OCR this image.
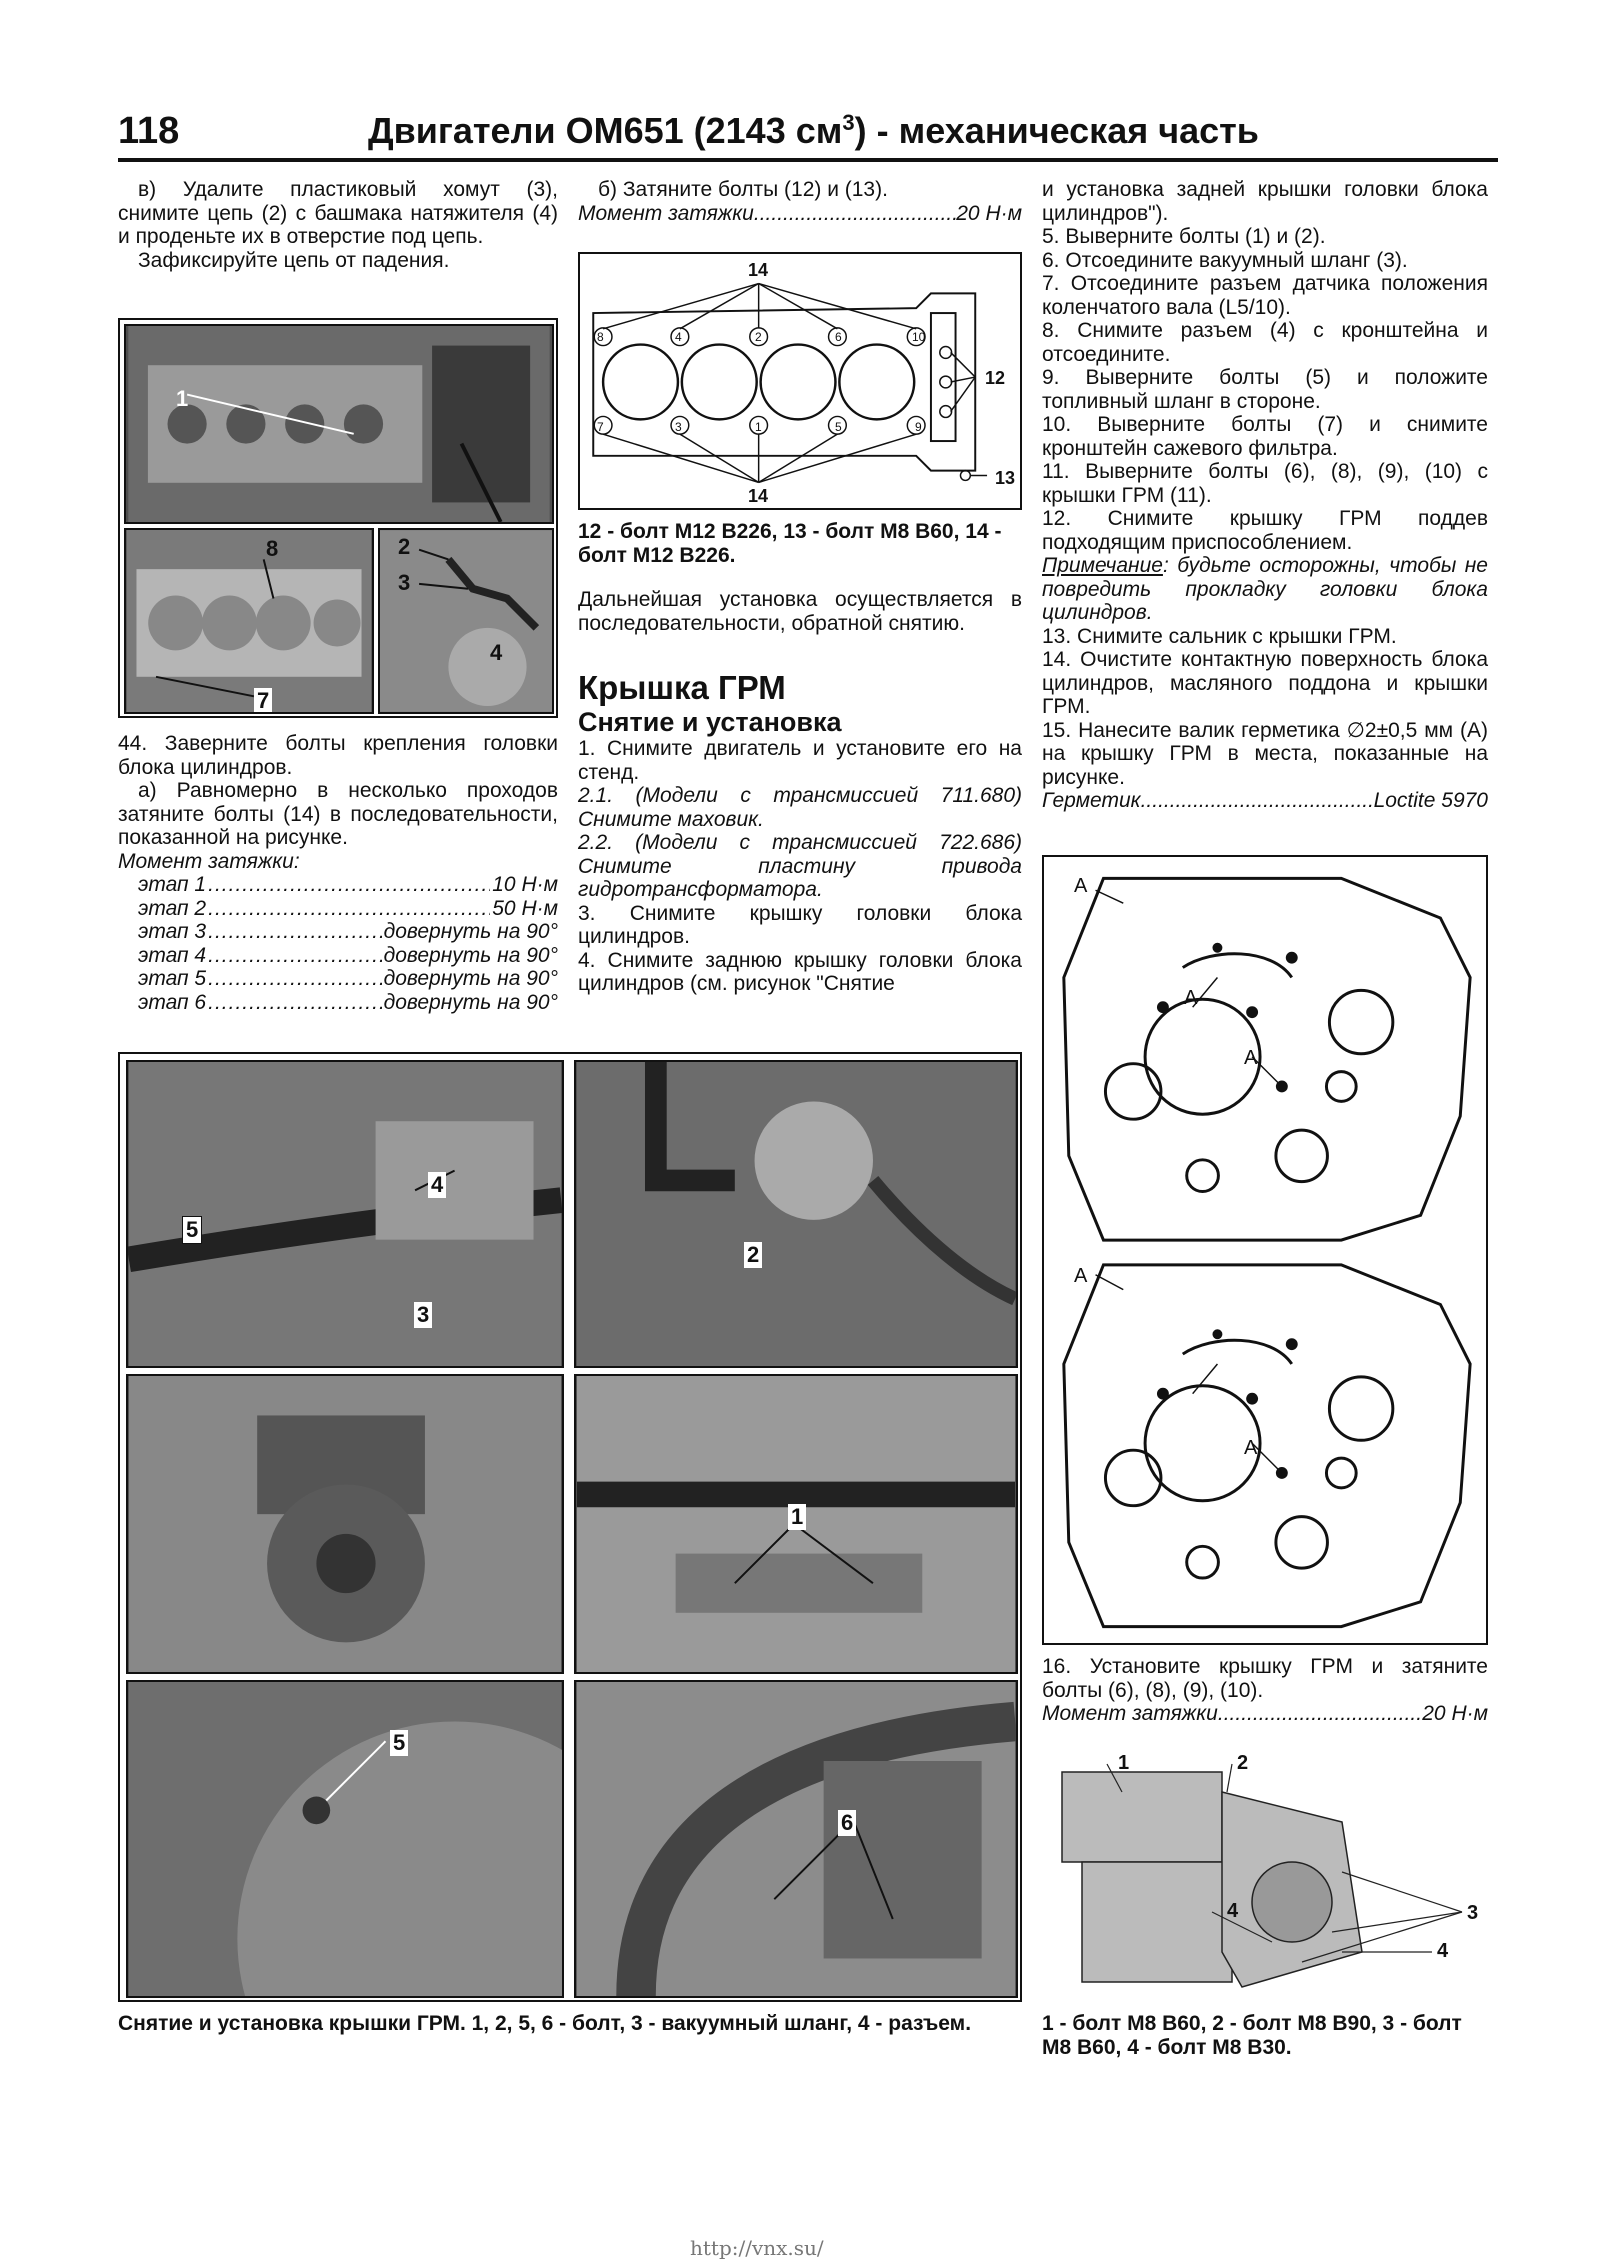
118	Двигатели OM651 (2143 $см^3$) - механическая часть

в) Удалите пластиковый хомут (3), снимите цепь (2) с башмака натяжителя (4) и проденьте их в отверстие под цепь.

Зафиксируйте цепь от падения.

1
8
7
2
3
4

44. Заверните болты крепления головки блока цилиндров.

а) Равномерно в несколько проходов затяните болты (14) в последовательности, показанной на рисунке.

Момент затяжки:

этап 1 .....	10 Н·м
этап 2 .....	50 Н·м
этап 3 .....	довернуть на 90°
этап 4 .....	довернуть на 90°
этап 5 .....	довернуть на 90°
этап 6 .....	довернуть на 90°

б) Затяните болты (12) и (13).

Момент затяжки .....	20 Н·м
14
14
12
13
8	4	2	6	10
7	3	1	5	9
12 - болт М12 В226, 13 - болт М8 В60, 14 - болт М12 В226.

Дальнейшая установка осуществляется в последовательности, обратной снятию.

Крышка ГРМ

Снятие и установка

1. Снимите двигатель и установите его на стенд.

2.1. (Модели с трансмиссией 711.680) Снимите маховик.

2.2. (Модели с трансмиссией 722.686) Снимите пластину привода гидротрансформатора.

3. Снимите крышку головки блока цилиндров.

4. Снимите заднюю крышку головки блока цилиндров (см. рисунок "Снятие

и установка задней крышки головки блока цилиндров").

5. Выверните болты (1) и (2).

6. Отсоедините вакуумный шланг (3).

7. Отсоедините разъем датчика положения коленчатого вала (L5/10).

8. Снимите разъем (4) с кронштейна и отсоедините.

9. Выверните болты (5) и положите топливный шланг в стороне.

10. Выверните болты (7) и снимите кронштейн сажевого фильтра.

11. Выверните болты (6), (8), (9), (10) с крышки ГРМ (11).

12. Снимите крышку ГРМ поддев подходящим приспособлением.

Примечание: будьте осторожны, чтобы не повредить прокладку головки блока цилиндров.

13. Снимите сальник с крышки ГРМ.

14. Очистите контактную поверхность блока цилиндров, масляного поддона и крышки ГРМ.

15. Нанесите валик герметика ∅2±0,5 мм (А) на крышку ГРМ в места, показанные на рисунке.

Герметик .....	Loctite 5970
A
A
A
A
A

16. Установите крышку ГРМ и затяните болты (6), (8), (9), (10).

Момент затяжки .....	20 Н·м
1	2
3
4
4
1 - болт М8 В60, 2 - болт М8 В90, 3 - болт М8 В60, 4 - болт М8 В30.
4
5
3
2
1
5
6
Снятие и установка крышки ГРМ. 1, 2, 5, 6 - болт, 3 - вакуумный шланг, 4 - разъем.
http://vnx.su/
